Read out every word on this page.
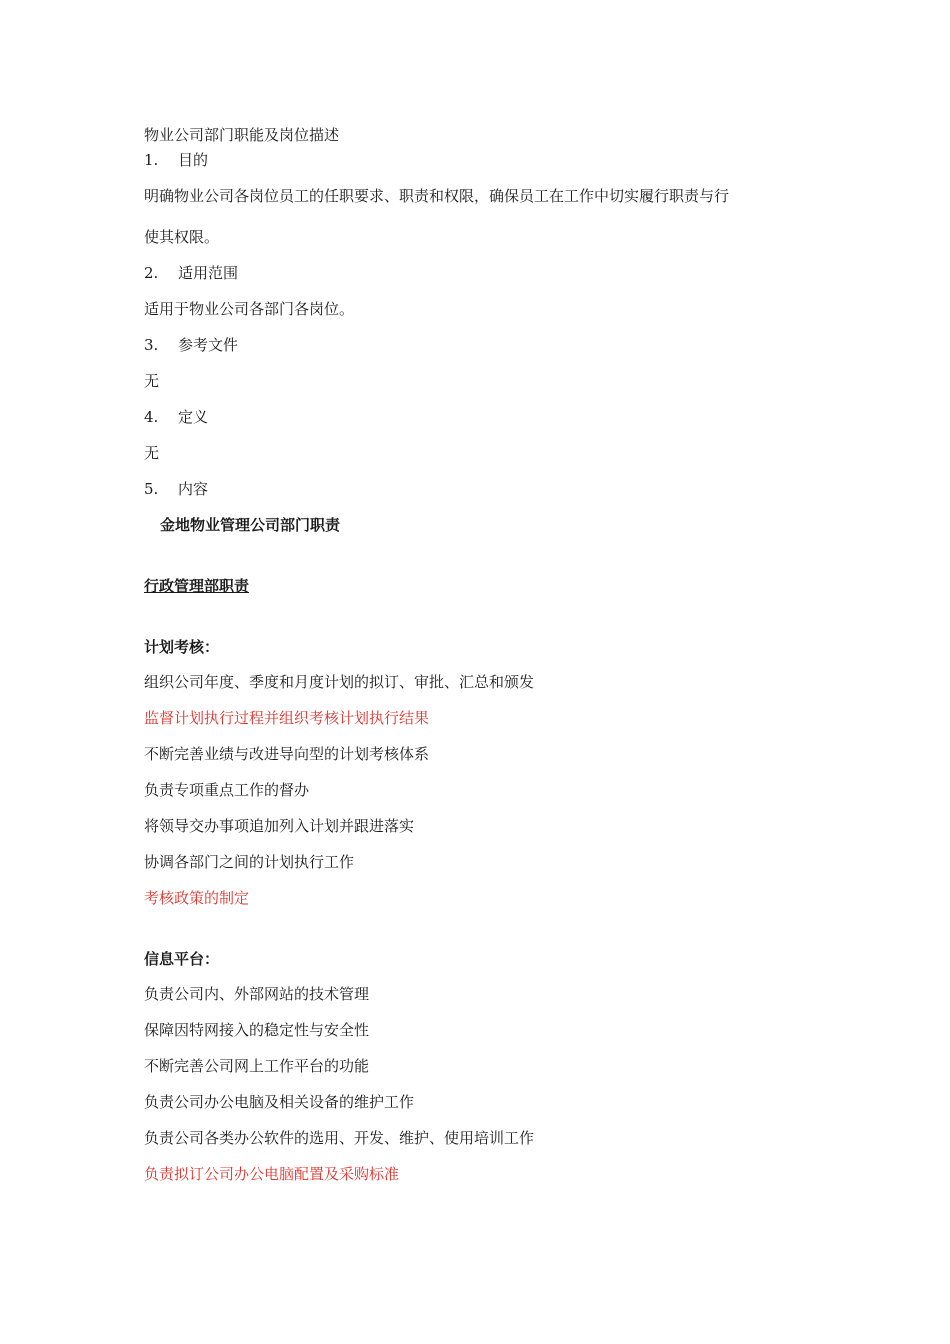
物业公司部门职能及岗位描述
1. 目的
明确物业公司各岗位员工的任职要求、职责和权限，确保员工在工作中切实履行职责与行
使其权限。
2. 适用范围
适用于物业公司各部门各岗位。
3. 参考文件
无
4. 定义
无
5. 内容
金地物业管理公司部门职责
行政管理部职责
计划考核：
组织公司年度、季度和月度计划的拟订、审批、汇总和颁发
监督计划执行过程并组织考核计划执行结果
不断完善业绩与改进导向型的计划考核体系
负责专项重点工作的督办
将领导交办事项追加列入计划并跟进落实
协调各部门之间的计划执行工作
考核政策的制定
信息平台：
负责公司内、外部网站的技术管理
保障因特网接入的稳定性与安全性
不断完善公司网上工作平台的功能
负责公司办公电脑及相关设备的维护工作
负责公司各类办公软件的选用、开发、维护、使用培训工作
负责拟订公司办公电脑配置及采购标准
